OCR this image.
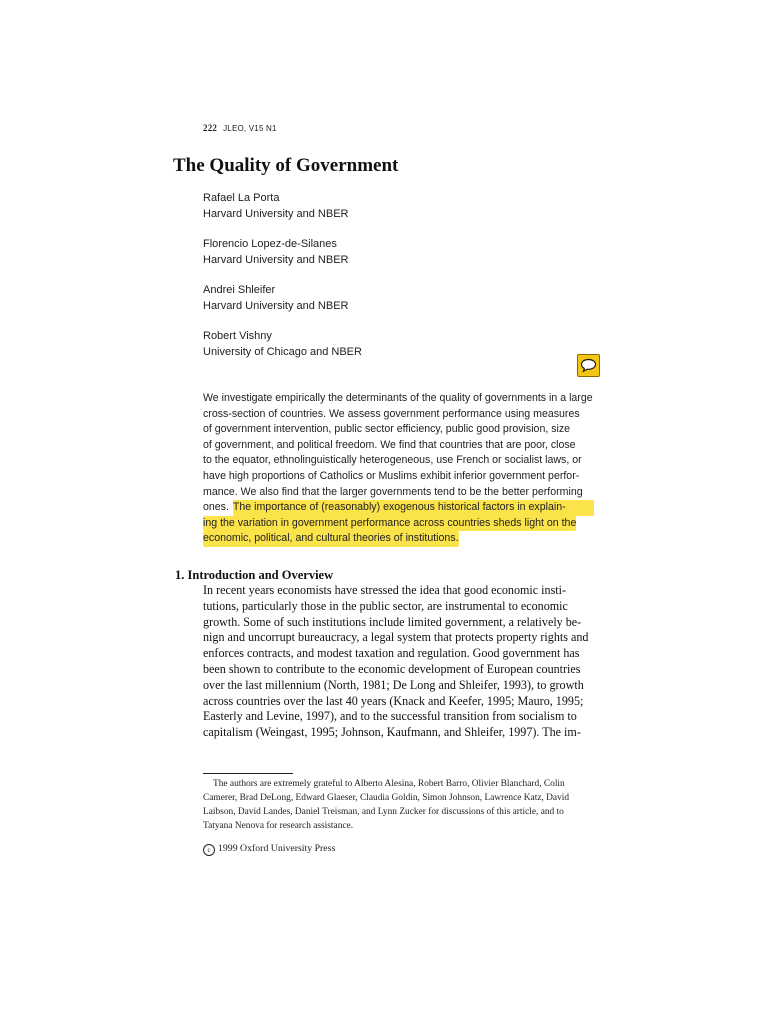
222 JLEO, V15 N1
The Quality of Government
Rafael La Porta
Harvard University and NBER
Florencio Lopez-de-Silanes
Harvard University and NBER
Andrei Shleifer
Harvard University and NBER
Robert Vishny
University of Chicago and NBER
We investigate empirically the determinants of the quality of governments in a large
cross-section of countries. We assess government performance using measures
of government intervention, public sector efficiency, public good provision, size
of government, and political freedom. We find that countries that are poor, close
to the equator, ethnolinguistically heterogeneous, use French or socialist laws, or
have high proportions of Catholics or Muslims exhibit inferior government perfor-
mance. We also find that the larger governments tend to be the better performing
ones. The importance of (reasonably) exogenous historical factors in explain-
ing the variation in government performance across countries sheds light on the
economic, political, and cultural theories of institutions.
1. Introduction and Overview
In recent years economists have stressed the idea that good economic insti-
tutions, particularly those in the public sector, are instrumental to economic
growth. Some of such institutions include limited government, a relatively be-
nign and uncorrupt bureaucracy, a legal system that protects property rights and
enforces contracts, and modest taxation and regulation. Good government has
been shown to contribute to the economic development of European countries
over the last millennium (North, 1981; De Long and Shleifer, 1993), to growth
across countries over the last 40 years (Knack and Keefer, 1995; Mauro, 1995;
Easterly and Levine, 1997), and to the successful transition from socialism to
capitalism (Weingast, 1995; Johnson, Kaufmann, and Shleifer, 1997). The im-
The authors are extremely grateful to Alberto Alesina, Robert Barro, Olivier Blanchard, Colin
Camerer, Brad DeLong, Edward Glaeser, Claudia Goldin, Simon Johnson, Lawrence Katz, David
Laibson, David Landes, Daniel Treisman, and Lynn Zucker for discussions of this article, and to
Tatyana Nenova for research assistance.
c 1999 Oxford University Press
